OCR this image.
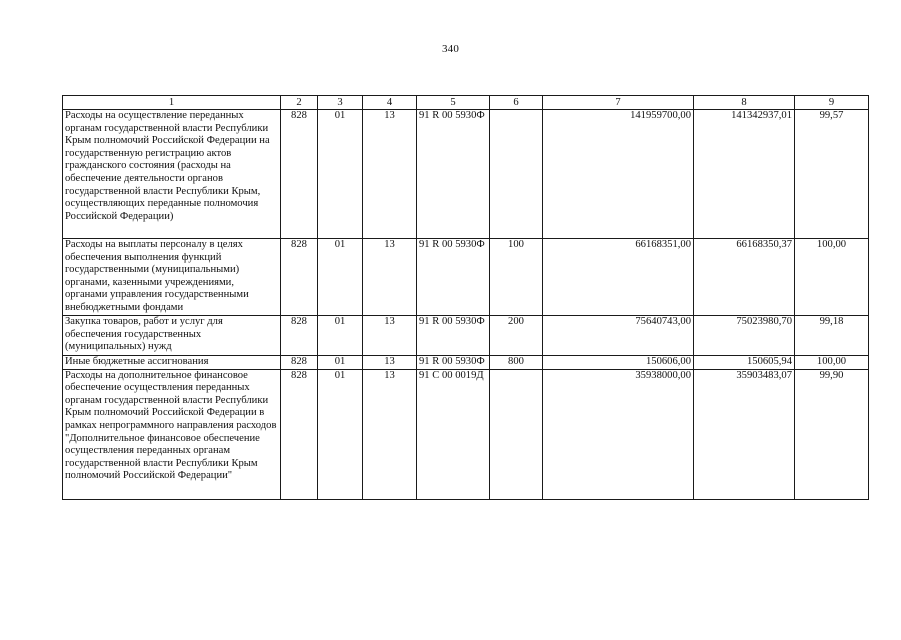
340
1	2	3	4	5	6	7	8	9
Расходы на осуществление переданных органам государственной власти Республики Крым полномочий Российской Федерации на государственную регистрацию актов гражданского состояния (расходы на обеспечение деятельности органов государственной власти Республики Крым, осуществляющих переданные полномочия Российской Федерации)	828	01	13	91 R 00 5930Ф		141959700,00	141342937,01	99,57
Расходы на выплаты персоналу в целях обеспечения выполнения функций государственными (муниципальными) органами, казенными учреждениями, органами управления государственными внебюджетными фондами	828	01	13	91 R 00 5930Ф	100	66168351,00	66168350,37	100,00
Закупка товаров, работ и услуг для обеспечения государственных (муниципальных) нужд	828	01	13	91 R 00 5930Ф	200	75640743,00	75023980,70	99,18
Иные бюджетные ассигнования	828	01	13	91 R 00 5930Ф	800	150606,00	150605,94	100,00
Расходы на дополнительное финансовое обеспечение осуществления переданных органам государственной власти Республики Крым полномочий Российской Федерации в рамках непрограммного направления расходов "Дополнительное финансовое обеспечение осуществления переданных органам государственной власти Республики Крым полномочий Российской Федерации"	828	01	13	91 С 00 0019Д		35938000,00	35903483,07	99,90
